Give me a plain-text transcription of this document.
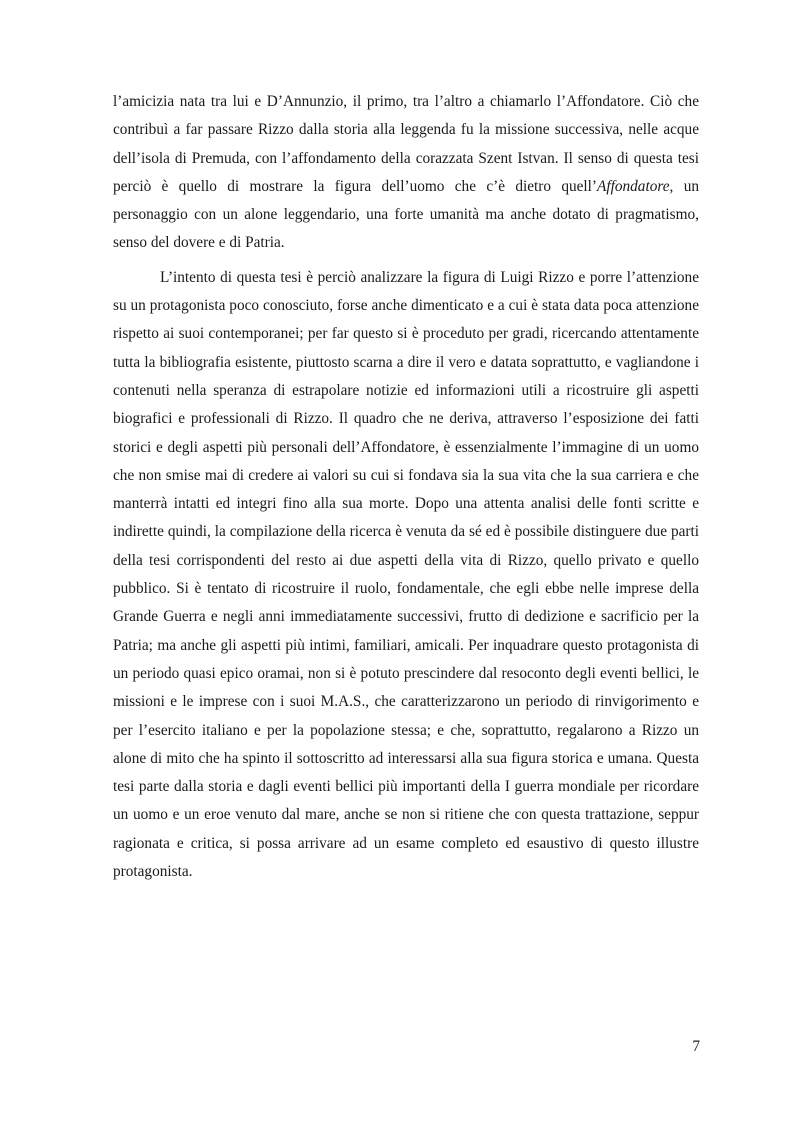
l’amicizia nata tra lui e D’Annunzio, il primo, tra l’altro a chiamarlo l’Affondatore. Ciò che contribuì a far passare Rizzo dalla storia alla leggenda fu la missione successiva, nelle acque dell’isola di Premuda, con l’affondamento della corazzata Szent Istvan. Il senso di questa tesi perciò è quello di mostrare la figura dell’uomo che c’è dietro quell’Affondatore, un personaggio con un alone leggendario, una forte umanità ma anche dotato di pragmatismo, senso del dovere e di Patria.

L’intento di questa tesi è perciò analizzare la figura di Luigi Rizzo e porre l’attenzione su un protagonista poco conosciuto, forse anche dimenticato e a cui è stata data poca attenzione rispetto ai suoi contemporanei; per far questo si è proceduto per gradi, ricercando attentamente tutta la bibliografia esistente, piuttosto scarna a dire il vero e datata soprattutto, e vagliandone i contenuti nella speranza di estrapolare notizie ed informazioni utili a ricostruire gli aspetti biografici e professionali di Rizzo. Il quadro che ne deriva, attraverso l’esposizione dei fatti storici e degli aspetti più personali dell’Affondatore, è essenzialmente l’immagine di un uomo che non smise mai di credere ai valori su cui si fondava sia la sua vita che la sua carriera e che manterrà intatti ed integri fino alla sua morte. Dopo una attenta analisi delle fonti scritte e indirette quindi, la compilazione della ricerca è venuta da sé ed è possibile distinguere due parti della tesi corrispondenti del resto ai due aspetti della vita di Rizzo, quello privato e quello pubblico. Si è tentato di ricostruire il ruolo, fondamentale, che egli ebbe nelle imprese della Grande Guerra e negli anni immediatamente successivi, frutto di dedizione e sacrificio per la Patria; ma anche gli aspetti più intimi, familiari, amicali. Per inquadrare questo protagonista di un periodo quasi epico oramai, non si è potuto prescindere dal resoconto degli eventi bellici, le missioni e le imprese con i suoi M.A.S., che caratterizzarono un periodo di rinvigorimento e per l’esercito italiano e per la popolazione stessa; e che, soprattutto, regalarono a Rizzo un alone di mito che ha spinto il sottoscritto ad interessarsi alla sua figura storica e umana. Questa tesi parte dalla storia e dagli eventi bellici più importanti della I guerra mondiale per ricordare un uomo e un eroe venuto dal mare, anche se non si ritiene che con questa trattazione, seppur ragionata e critica, si possa arrivare ad un esame completo ed esaustivo di questo illustre protagonista.

7
